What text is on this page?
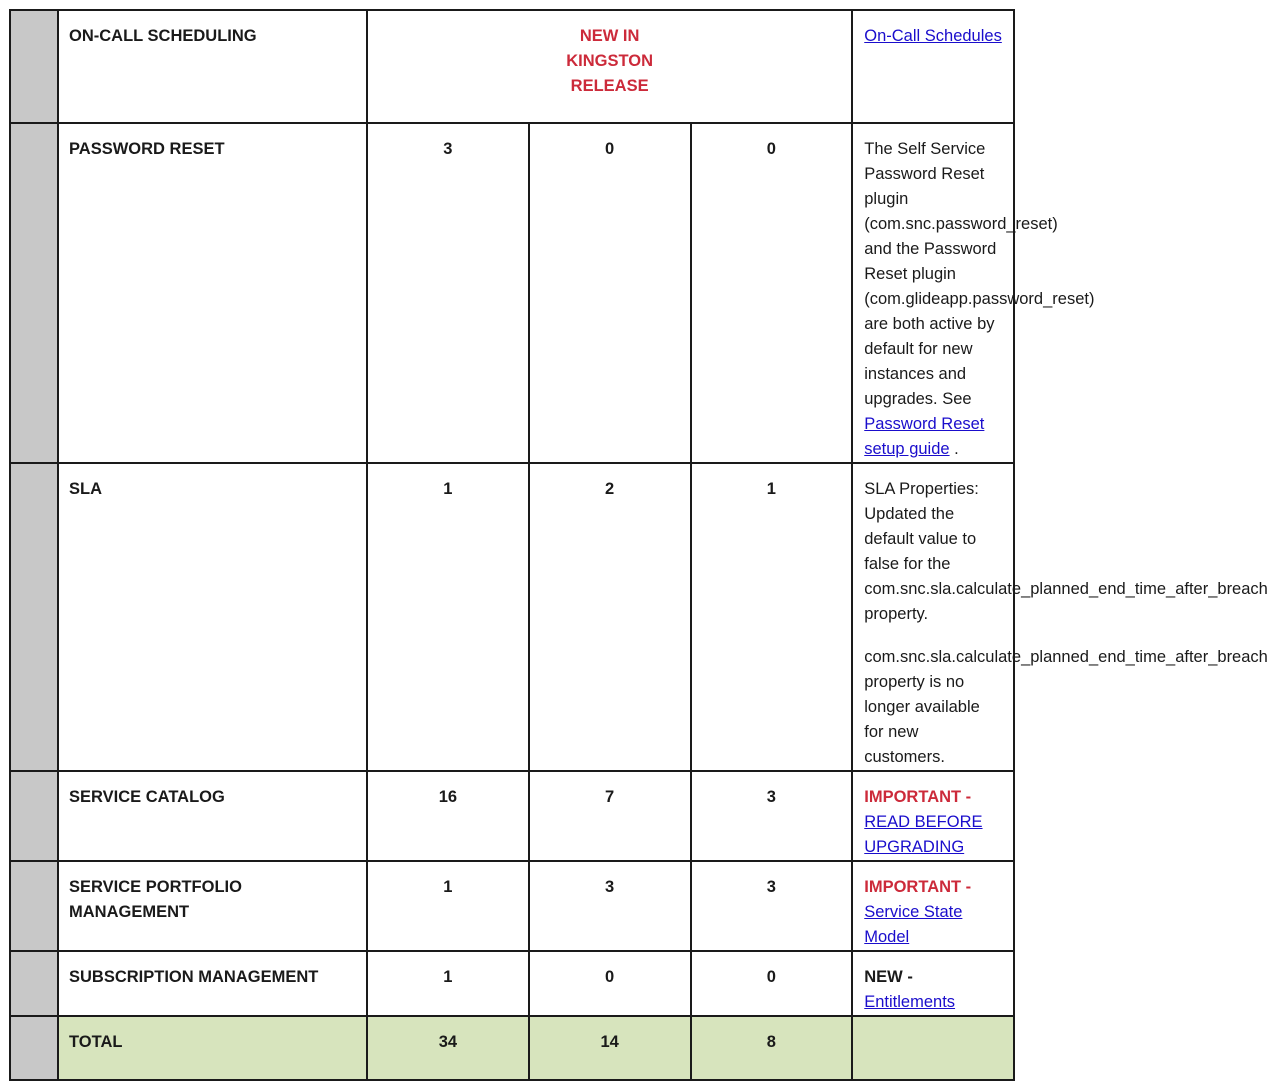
	ON-CALL SCHEDULING	NEW IN
KINGSTON
RELEASE			On-Call Schedules
	PASSWORD RESET	3	0	0	The Self Service Password Reset plugin (com.snc.password_reset) and the Password Reset plugin (com.glideapp.password_reset) are both active by default for new instances and upgrades. See Password Reset setup guide .
	SLA	1	2	1	SLA Properties: Updated the default value to false for the com.snc.sla.calculate_planned_end_time_after_breach property.

com.snc.sla.calculate_planned_end_time_after_breach property is no longer available for new customers.

	SERVICE CATALOG	16	7	3	IMPORTANT - READ BEFORE UPGRADING

	SERVICE PORTFOLIO
MANAGEMENT	1	3	3	IMPORTANT - Service State Model
	SUBSCRIPTION MANAGEMENT	1	0	0	NEW - Entitlements
	TOTAL	34	14	8	
